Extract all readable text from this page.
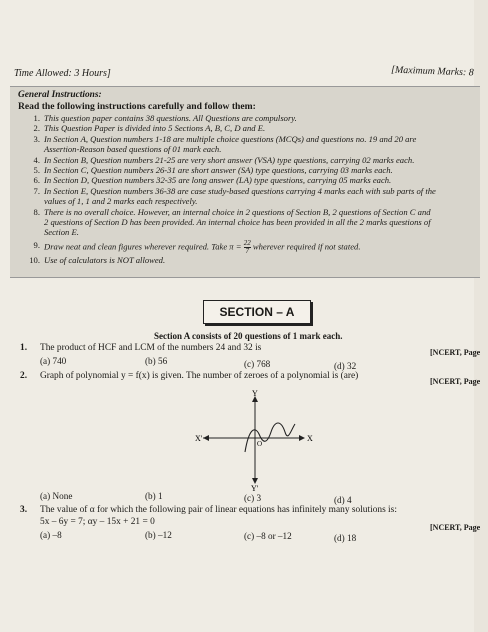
Time Allowed: 3 Hours]	[Maximum Marks: 8
General Instructions:
Read the following instructions carefully and follow them:
1. This question paper contains 38 questions. All Questions are compulsory.
2. This Question Paper is divided into 5 Sections A, B, C, D and E.
3. In Section A, Question numbers 1-18 are multiple choice questions (MCQs) and questions no. 19 and 20 are
Assertion-Reason based questions of 01 mark each.
4. In Section B, Question numbers 21-25 are very short answer (VSA) type questions, carrying 02 marks each.
5. In Section C, Question numbers 26-31 are short answer (SA) type questions, carrying 03 marks each.
6. In Section D, Question numbers 32-35 are long answer (LA) type questions, carrying 05 marks each.
7. In Section E, Question numbers 36-38 are case study-based questions carrying 4 marks each with sub parts of the
values of 1, 1 and 2 marks each respectively.
8. There is no overall choice. However, an internal choice in 2 questions of Section B, 2 questions of Section C and
2 questions of Section D has been provided. An internal choice has been provided in all the 2 marks questions of
Section E.
9. Draw neat and clean figures wherever required. Take $\pi = \frac{22}{7}$ wherever required if not stated.
10. Use of calculators is NOT allowed.
SECTION – A
Section A consists of 20 questions of 1 mark each.
1. The product of HCF and LCM of the numbers 24 and 32 is	[NCERT, Page
(a) 740	(b) 56	(c) 768	(d) 32
2. Graph of polynomial y = f(x) is given. The number of zeroes of a polynomial is (are)
[NCERT, Page
Y
Y'
X
X'
O
(a) None	(b) 1	(c) 3	(d) 4
3. The value of α for which the following pair of linear equations has infinitely many solutions is:
5x – 6y = 7; αy – 15x + 21 = 0
[NCERT, Page
(a) –8	(b) –12	(c) –8 or –12	(d) 18
